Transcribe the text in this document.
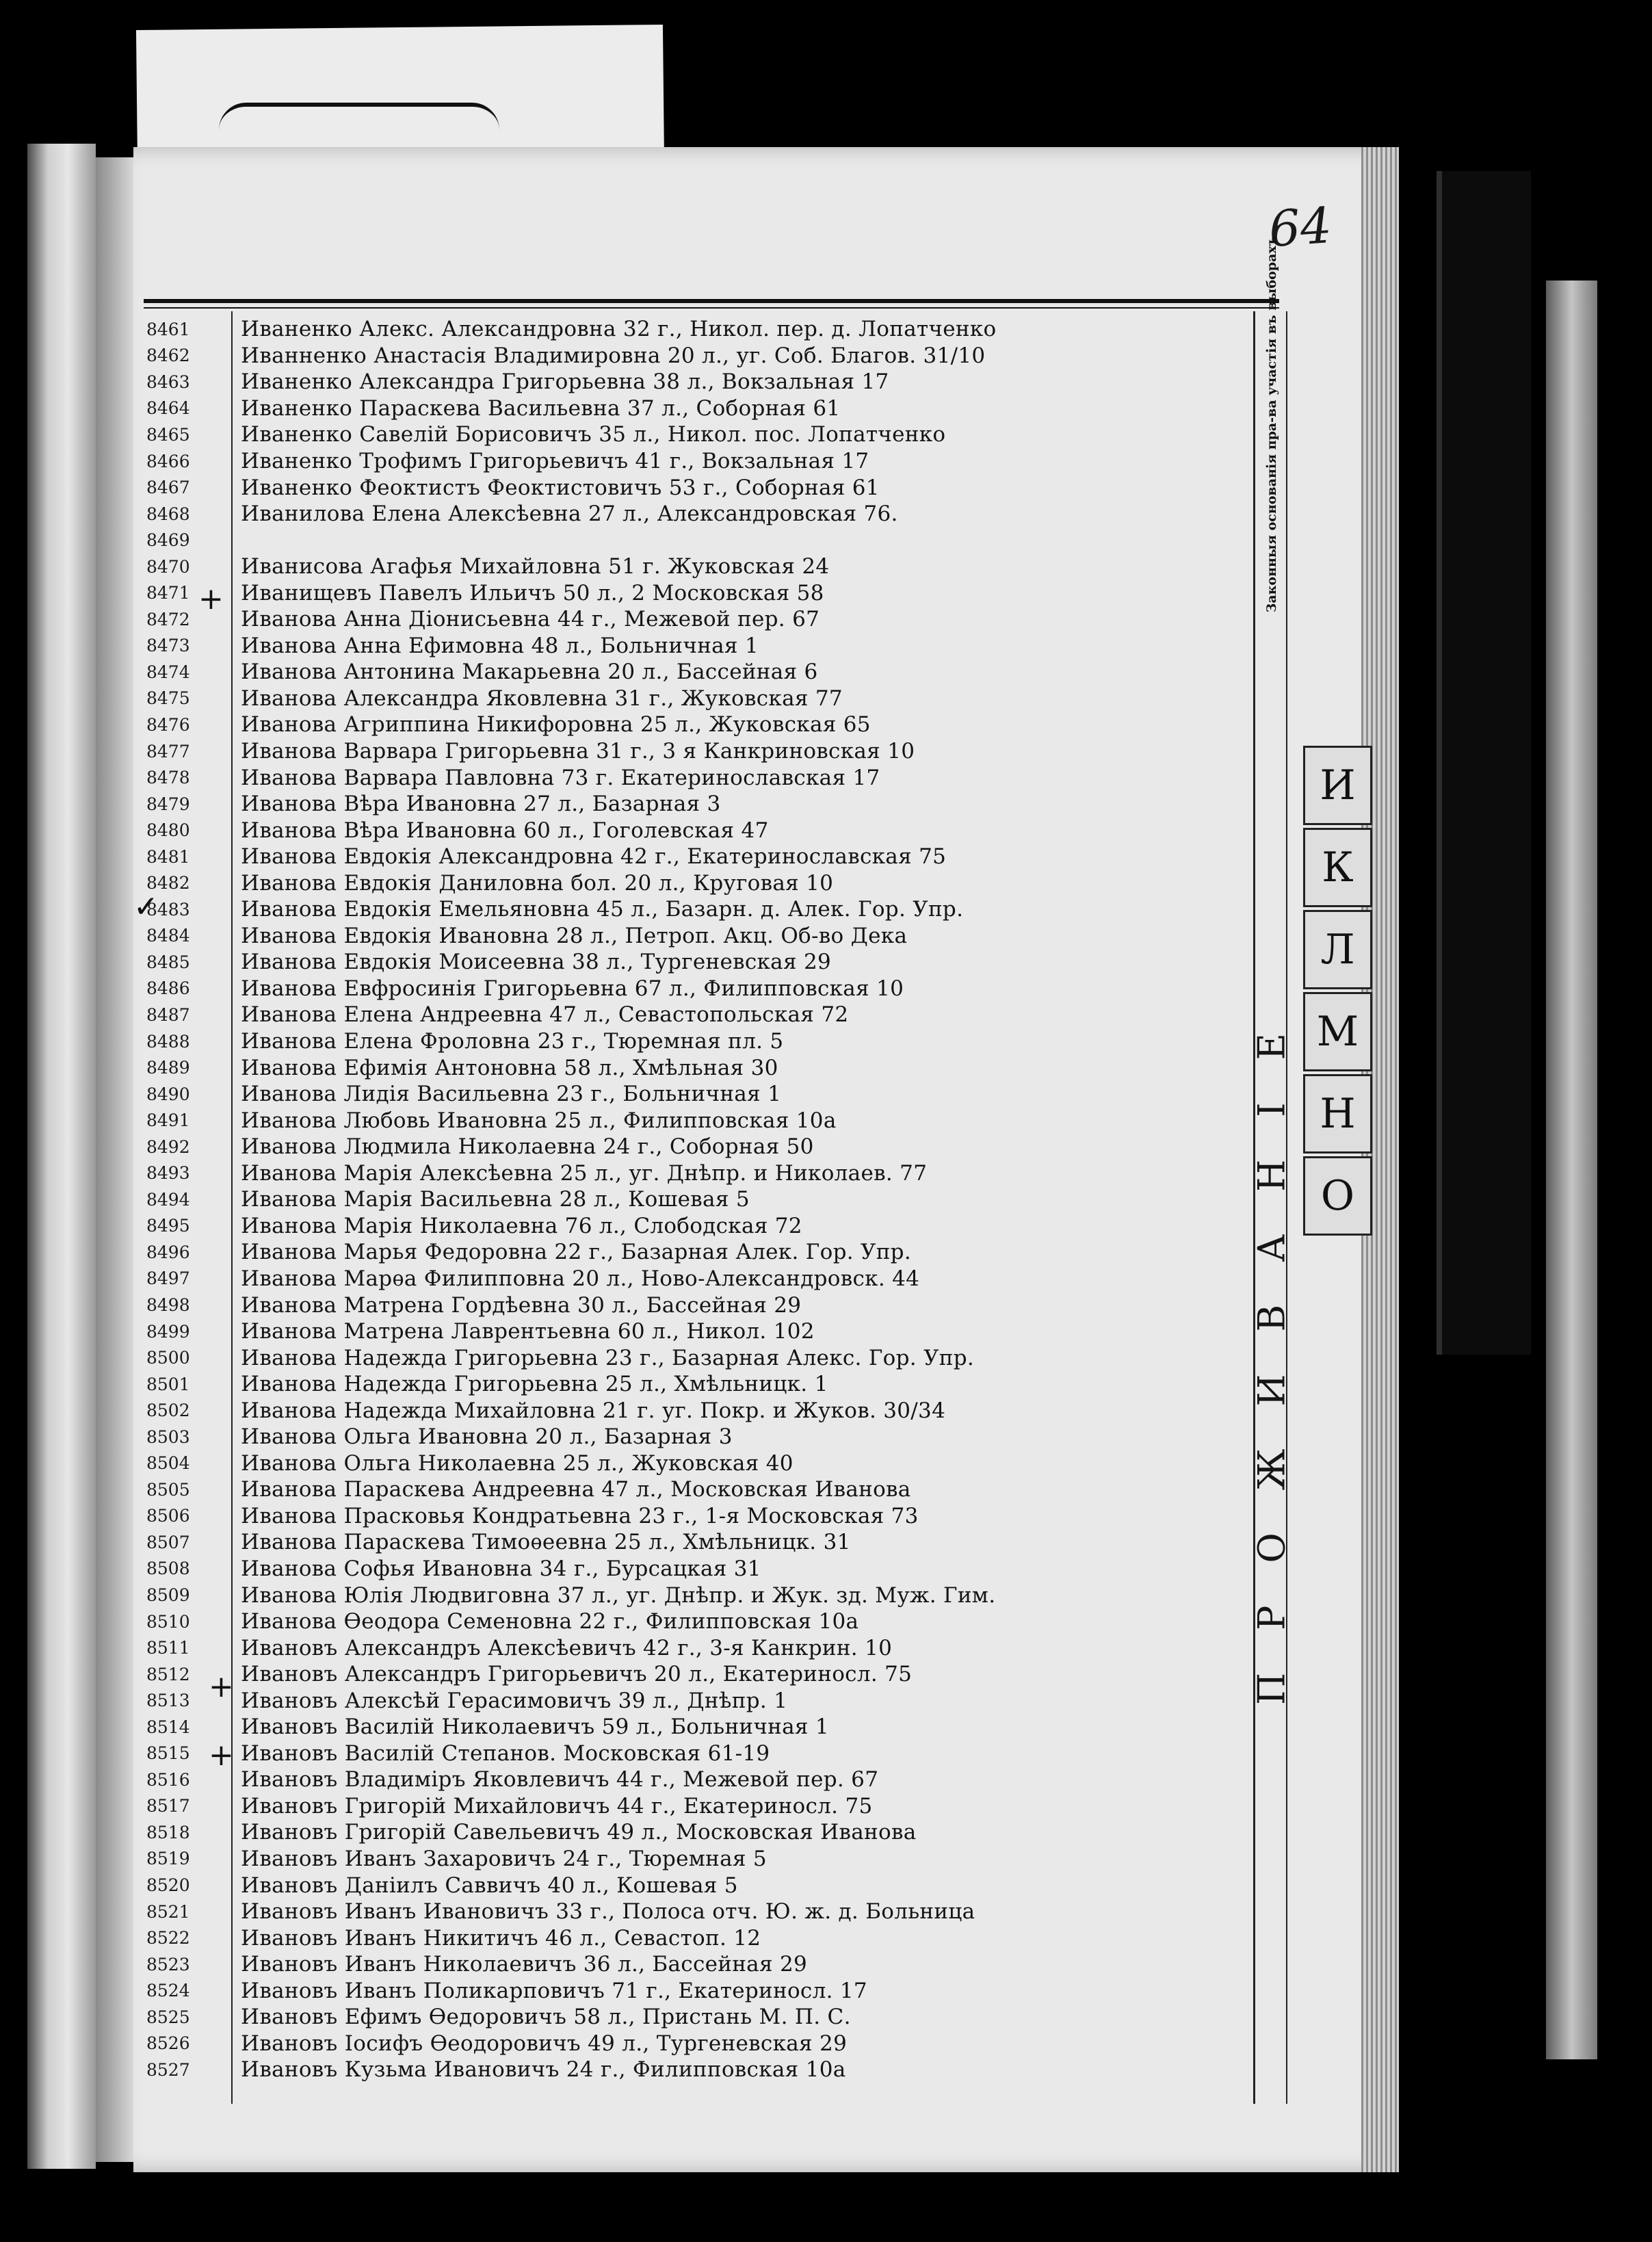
64
Законныя основанія пра-ва участія въ выборахъ
ПРОЖИВАНІЕ
И
К
Л
М
Н
О
8461	Иваненко Алекс. Александровна 32 г., Никол. пер. д. Лопатченко
8462	Иванненко Анастасія Владимировна 20 л., уг. Соб. Благов. 31/10
8463	Иваненко Александра Григорьевна 38 л., Вокзальная 17
8464	Иваненко Параскева Васильевна 37 л., Соборная 61
8465	Иваненко Савелій Борисовичъ 35 л., Никол. пос. Лопатченко
8466	Иваненко Трофимъ Григорьевичъ 41 г., Вокзальная 17
8467	Иваненко Феоктистъ Феоктистовичъ 53 г., Соборная 61
8468	Иванилова Елена Алексѣевна 27 л., Александровская 76.
8469
8470	Иванисова Агафья Михайловна 51 г. Жуковская 24
8471	Иванищевъ Павелъ Ильичъ 50 л., 2 Московская 58
8472	Иванова Анна Діонисьевна 44 г., Межевой пер. 67
8473	Иванова Анна Ефимовна 48 л., Больничная 1
8474	Иванова Антонина Макарьевна 20 л., Бассейная 6
8475	Иванова Александра Яковлевна 31 г., Жуковская 77
8476	Иванова Агриппина Никифоровна 25 л., Жуковская 65
8477	Иванова Варвара Григорьевна 31 г., 3 я Канкриновская 10
8478	Иванова Варвара Павловна 73 г. Екатеринославская 17
8479	Иванова Вѣра Ивановна 27 л., Базарная 3
8480	Иванова Вѣра Ивановна 60 л., Гоголевская 47
8481	Иванова Евдокія Александровна 42 г., Екатеринославская 75
8482	Иванова Евдокія Даниловна бол. 20 л., Круговая 10
8483	Иванова Евдокія Емельяновна 45 л., Базарн. д. Алек. Гор. Упр.
8484	Иванова Евдокія Ивановна 28 л., Петроп. Акц. Об-во Дека
8485	Иванова Евдокія Моисеевна 38 л., Тургеневская 29
8486	Иванова Евфросинія Григорьевна 67 л., Филипповская 10
8487	Иванова Елена Андреевна 47 л., Севастопольская 72
8488	Иванова Елена Фроловна 23 г., Тюремная пл. 5
8489	Иванова Ефимія Антоновна 58 л., Хмѣльная 30
8490	Иванова Лидія Васильевна 23 г., Больничная 1
8491	Иванова Любовь Ивановна 25 л., Филипповская 10а
8492	Иванова Людмила Николаевна 24 г., Соборная 50
8493	Иванова Марія Алексѣевна 25 л., уг. Днѣпр. и Николаев. 77
8494	Иванова Марія Васильевна 28 л., Кошевая 5
8495	Иванова Марія Николаевна 76 л., Слободская 72
8496	Иванова Марья Федоровна 22 г., Базарная Алек. Гор. Упр.
8497	Иванова Марѳа Филипповна 20 л., Ново-Александровск. 44
8498	Иванова Матрена Гордѣевна 30 л., Бассейная 29
8499	Иванова Матрена Лаврентьевна 60 л., Никол. 102
8500	Иванова Надежда Григорьевна 23 г., Базарная Алекс. Гор. Упр.
8501	Иванова Надежда Григорьевна 25 л., Хмѣльницк. 1
8502	Иванова Надежда Михайловна 21 г. уг. Покр. и Жуков. 30/34
8503	Иванова Ольга Ивановна 20 л., Базарная 3
8504	Иванова Ольга Николаевна 25 л., Жуковская 40
8505	Иванова Параскева Андреевна 47 л., Московская Иванова
8506	Иванова Прасковья Кондратьевна 23 г., 1-я Московская 73
8507	Иванова Параскева Тимоѳеевна 25 л., Хмѣльницк. 31
8508	Иванова Софья Ивановна 34 г., Бурсацкая 31
8509	Иванова Юлія Людвиговна 37 л., уг. Днѣпр. и Жук. зд. Муж. Гим.
8510	Иванова Ѳеодора Семеновна 22 г., Филипповская 10а
8511	Ивановъ Александръ Алексѣевичъ 42 г., 3-я Канкрин. 10
8512	Ивановъ Александръ Григорьевичъ 20 л., Екатериносл. 75
8513	Ивановъ Алексѣй Герасимовичъ 39 л., Днѣпр. 1
8514	Ивановъ Василій Николаевичъ 59 л., Больничная 1
8515	Ивановъ Василій Степанов. Московская 61-19
8516	Ивановъ Владиміръ Яковлевичъ 44 г., Межевой пер. 67
8517	Ивановъ Григорій Михайловичъ 44 г., Екатериносл. 75
8518	Ивановъ Григорій Савельевичъ 49 л., Московская Иванова
8519	Ивановъ Иванъ Захаровичъ 24 г., Тюремная 5
8520	Ивановъ Даніилъ Саввичъ 40 л., Кошевая 5
8521	Ивановъ Иванъ Ивановичъ 33 г., Полоса отч. Ю. ж. д. Больница
8522	Ивановъ Иванъ Никитичъ 46 л., Севастоп. 12
8523	Ивановъ Иванъ Николаевичъ 36 л., Бассейная 29
8524	Ивановъ Иванъ Поликарповичъ 71 г., Екатериносл. 17
8525	Ивановъ Ефимъ Ѳедоровичъ 58 л., Пристань М. П. С.
8526	Ивановъ Іосифъ Ѳеодоровичъ 49 л., Тургеневская 29
8527	Ивановъ Кузьма Ивановичъ 24 г., Филипповская 10а
+
+
+
✓
